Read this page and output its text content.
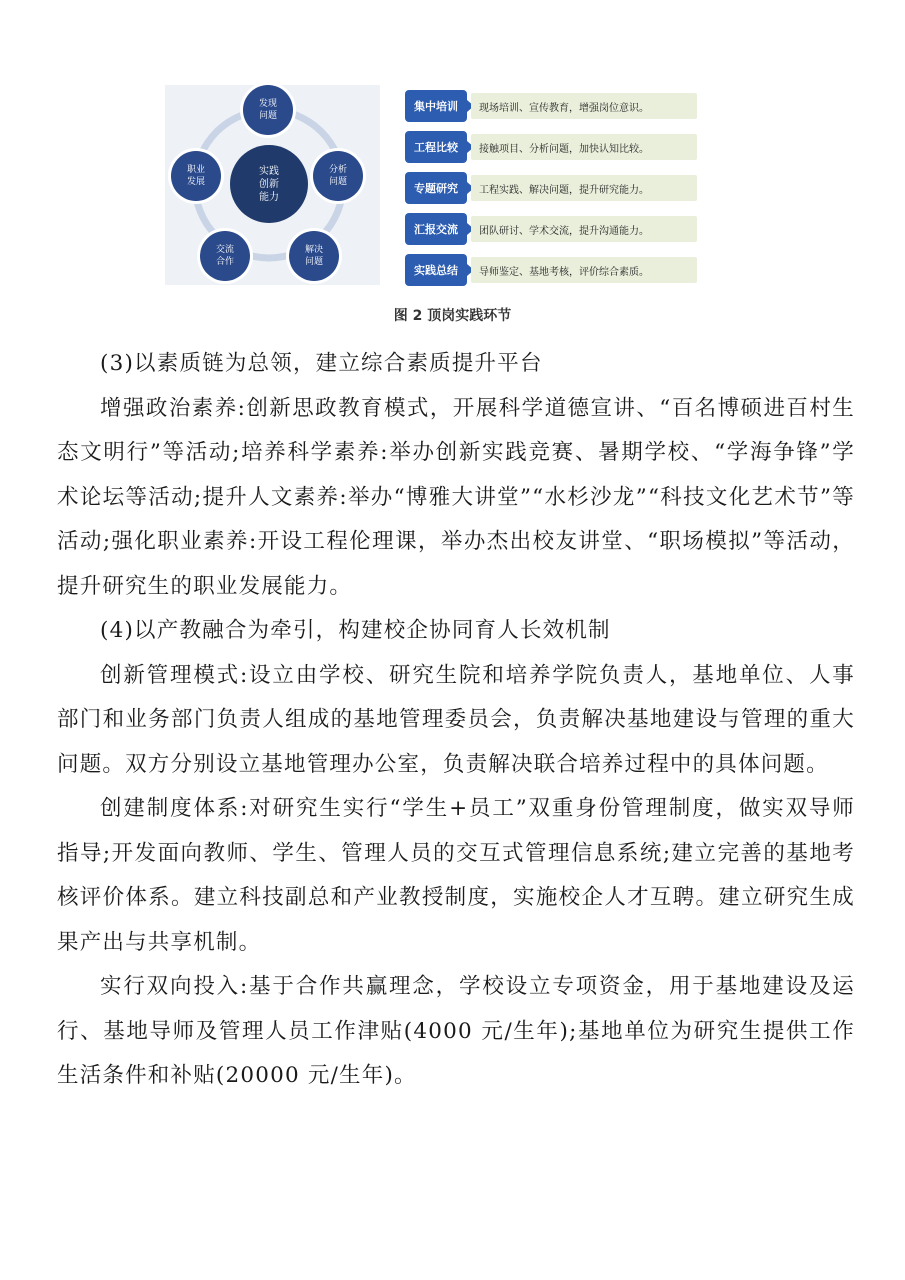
实践
创新
能力
发现
问题
分析
问题
解决
问题
交流
合作
职业
发展
集中培训	现场培训、宣传教育，增强岗位意识。
工程比较	接触项目、分析问题，加快认知比较。
专题研究	工程实践、解决问题，提升研究能力。
汇报交流	团队研讨、学术交流，提升沟通能力。
实践总结	导师鉴定、基地考核，评价综合素质。
图 2 顶岗实践环节

(3)以素质链为总领，建立综合素质提升平台

增强政治素养:创新思政教育模式，开展科学道德宣讲、“百名博硕进百村生态文明行”等活动;培养科学素养:举办创新实践竞赛、暑期学校、“学海争锋”学术论坛等活动;提升人文素养:举办“博雅大讲堂”“水杉沙龙”“科技文化艺术节”等活动;强化职业素养:开设工程伦理课，举办杰出校友讲堂、“职场模拟”等活动，提升研究生的职业发展能力。

(4)以产教融合为牵引，构建校企协同育人长效机制

创新管理模式:设立由学校、研究生院和培养学院负责人，基地单位、人事部门和业务部门负责人组成的基地管理委员会，负责解决基地建设与管理的重大问题。双方分别设立基地管理办公室，负责解决联合培养过程中的具体问题。

创建制度体系:对研究生实行“学生+员工”双重身份管理制度，做实双导师指导;开发面向教师、学生、管理人员的交互式管理信息系统;建立完善的基地考核评价体系。建立科技副总和产业教授制度，实施校企人才互聘。建立研究生成果产出与共享机制。

实行双向投入:基于合作共赢理念，学校设立专项资金，用于基地建设及运行、基地导师及管理人员工作津贴(4000 元/生年);基地单位为研究生提供工作生活条件和补贴(20000 元/生年)。
